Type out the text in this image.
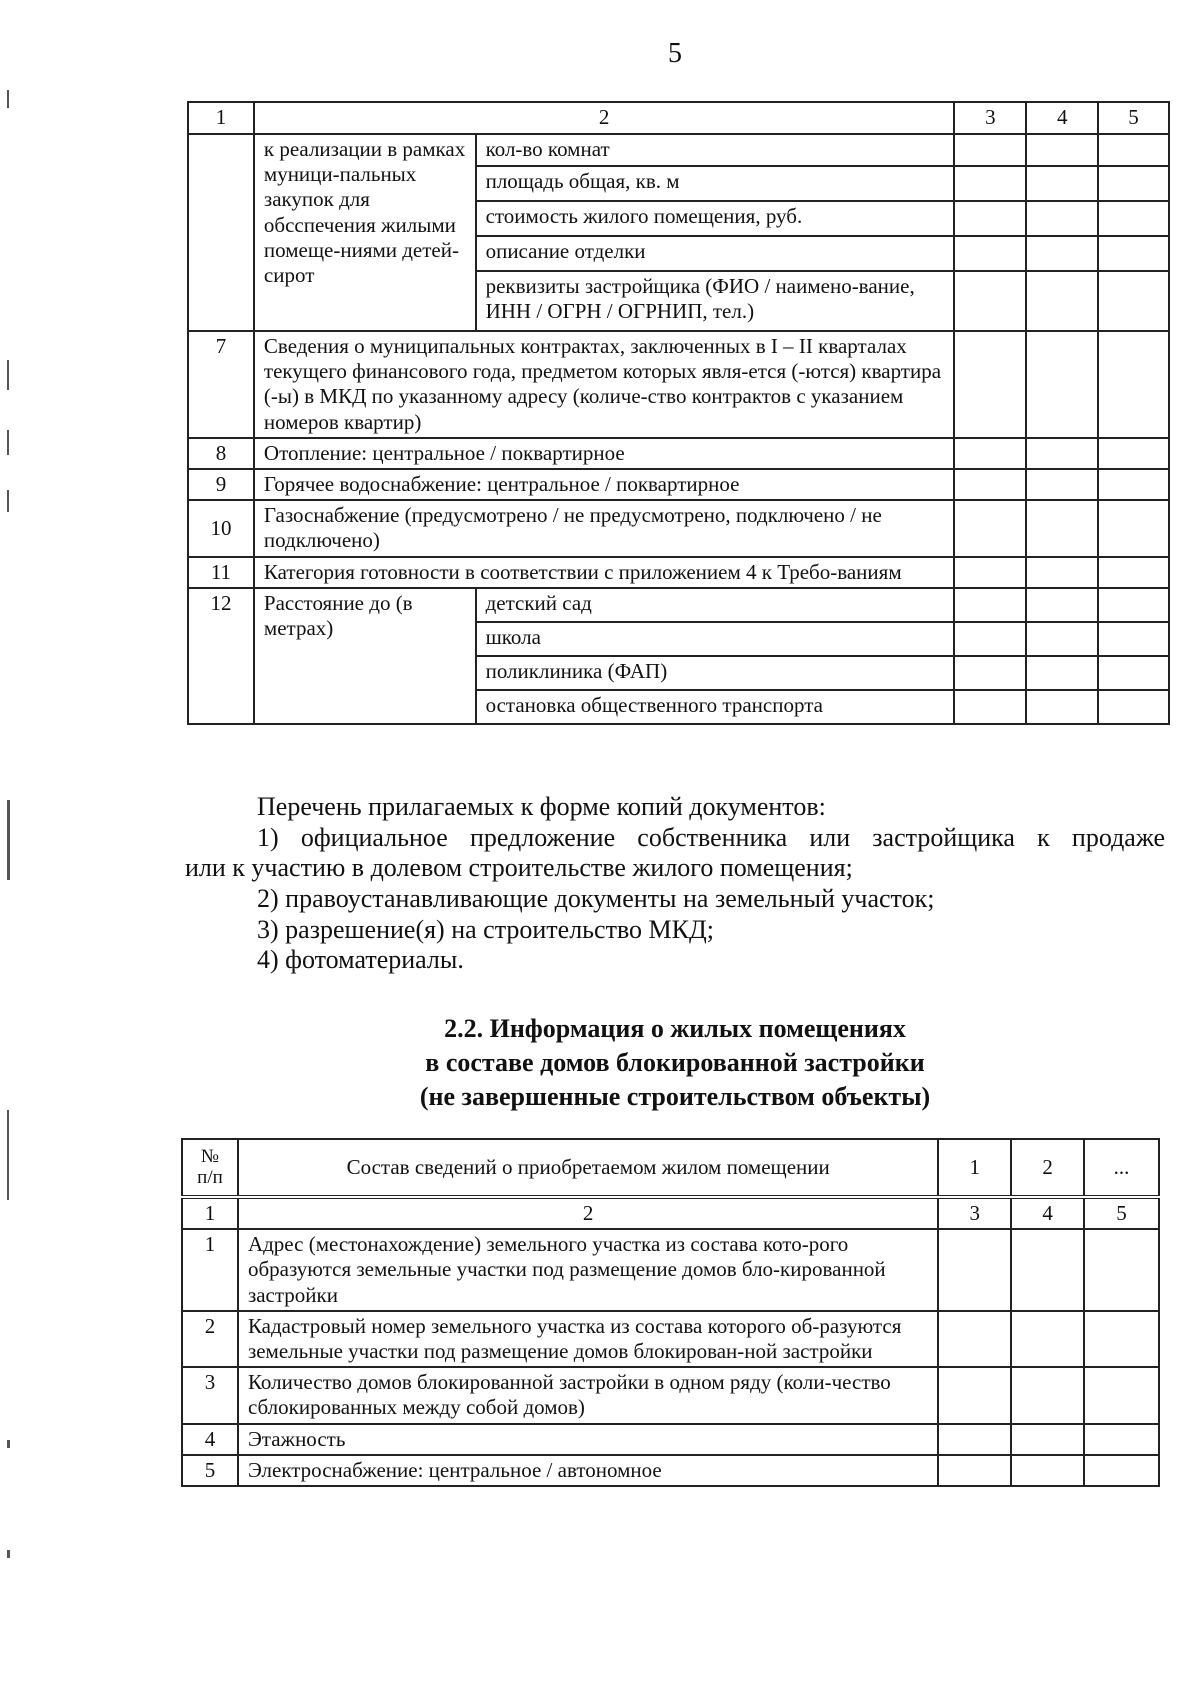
5
1	2		3	4	5
	к реализации в рамках муници-пальных закупок для обсспечения жилыми помеще-ниями детей-сирот	кол-во комнат			
		площадь общая, кв. м			
		стоимость жилого помещения, руб.			
		описание отделки			
		реквизиты застройщика (ФИО / наимено-вание, ИНН / ОГРН / ОГРНИП, тел.)			
7	Сведения о муниципальных контрактах, заключенных в I – II кварталах текущего финансового года, предметом которых явля-ется (-ются) квартира (-ы) в МКД по указанному адресу (количе-ство контрактов с указанием номеров квартир)				
8	Отопление: центральное / поквартирное				
9	Горячее водоснабжение: центральное / поквартирное				
10	Газоснабжение (предусмотрено / не предусмотрено, подключено / не подключено)				
11	Категория готовности в соответствии с приложением 4 к Требо-ваниям				
12	Расстояние до (в метрах)	детский сад			
		школа			
		поликлиника (ФАП)			
		остановка общественного транспорта			

Перечень прилагаемых к форме копий документов:

1) официальное предложение собственника или застройщика к продаже

или к участию в долевом строительстве жилого помещения;

2) правоустанавливающие документы на земельный участок;

3) разрешение(я) на строительство МКД;

4) фотоматериалы.

2.2. Информация о жилых помещениях
в составе домов блокированной застройки
(не завершенные строительством объекты)
№ п/п	Состав сведений о приобретаемом жилом помещении	1	2	...
1	2	3	4	5
1	Адрес (местонахождение) земельного участка из состава кото-рого образуются земельные участки под размещение домов бло-кированной застройки			
2	Кадастровый номер земельного участка из состава которого об-разуются земельные участки под размещение домов блокирован-ной застройки			
3	Количество домов блокированной застройки в одном ряду (коли-чество сблокированных между собой домов)			
4	Этажность			
5	Электроснабжение: центральное / автономное			
